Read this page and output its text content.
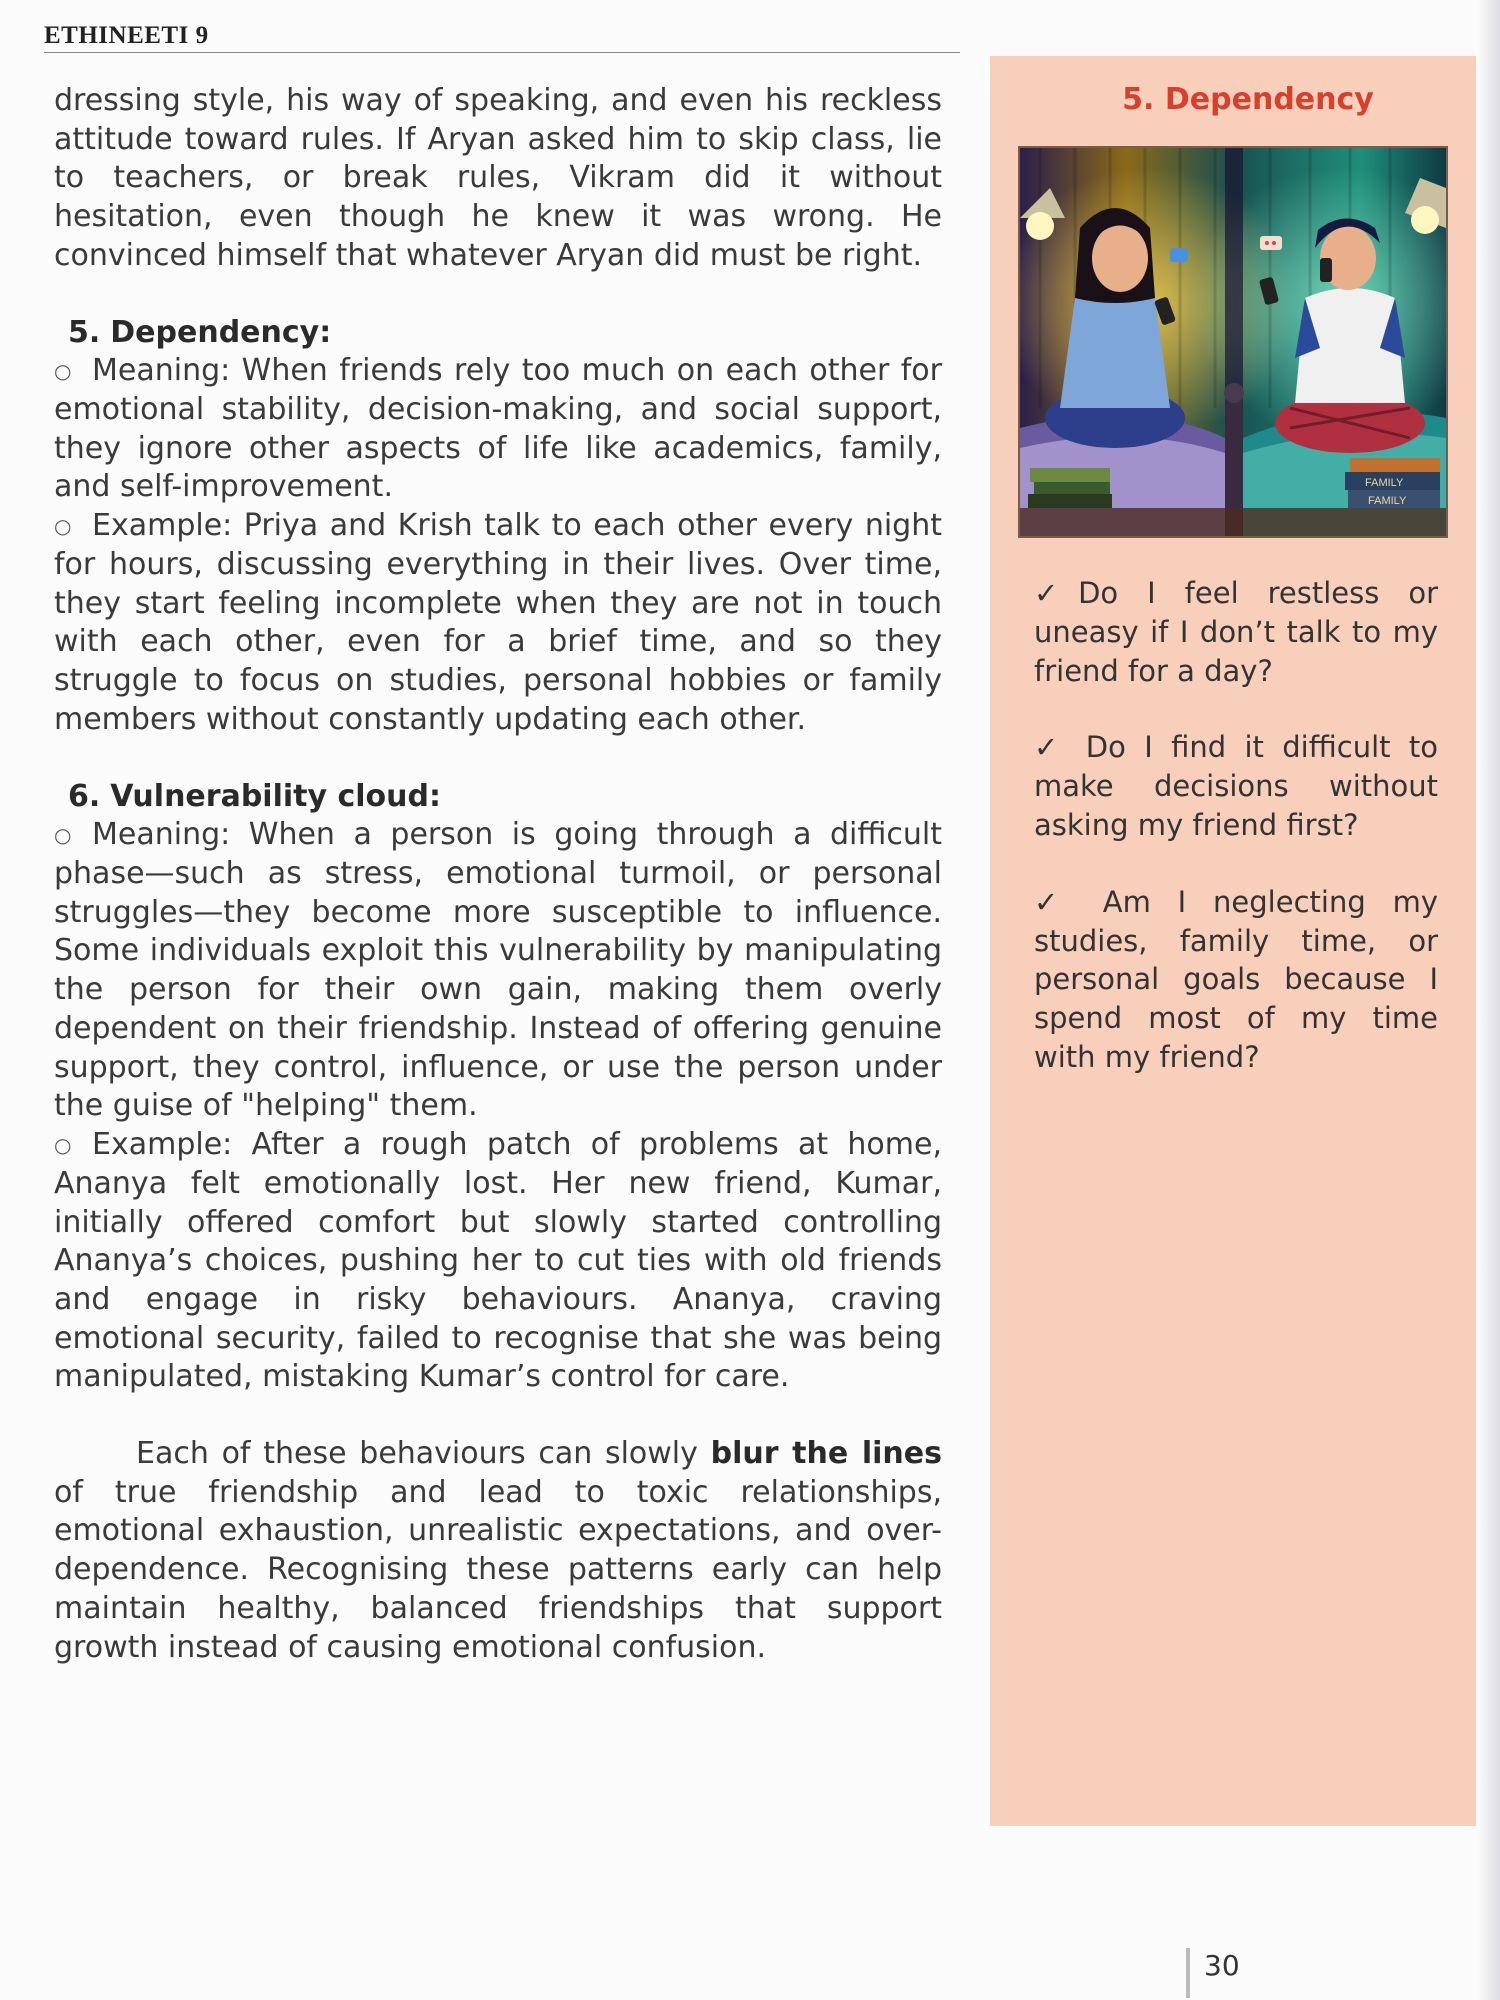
ETHINEETI 9

dressing style, his way of speaking, and even his reckless attitude toward rules. If Aryan asked him to skip class, lie to teachers, or break rules, Vikram did it without hesitation, even though he knew it was wrong. He convinced himself that whatever Aryan did must be right.

5. Dependency:

○ Meaning: When friends rely too much on each other for emotional stability, decision-making, and social support, they ignore other aspects of life like academics, family, and self-improvement.

○ Example: Priya and Krish talk to each other every night for hours, discussing everything in their lives. Over time, they start feeling incomplete when they are not in touch with each other, even for a brief time, and so they struggle to focus on studies, personal hobbies or family members without constantly updating each other.

6. Vulnerability cloud:

○ Meaning: When a person is going through a difficult phase—such as stress, emotional turmoil, or personal struggles—they become more susceptible to influence. Some individuals exploit this vulnerability by manipulating the person for their own gain, making them overly dependent on their friendship. Instead of offering genuine support, they control, influence, or use the person under the guise of "helping" them.

○ Example: After a rough patch of problems at home, Ananya felt emotionally lost. Her new friend, Kumar, initially offered comfort but slowly started controlling Ananya’s choices, pushing her to cut ties with old friends and engage in risky behaviours. Ananya, craving emotional security, failed to recognise that she was being manipulated, mistaking Kumar’s control for care.

Each of these behaviours can slowly blur the lines of true friendship and lead to toxic relationships, emotional exhaustion, unrealistic expectations, and over-dependence. Recognising these patterns early can help maintain healthy, balanced friendships that support growth instead of causing emotional confusion.

5. Dependency
FAMILY
FAMILY

✓Do I feel restless or uneasy if I don’t talk to my friend for a day?

✓ Do I find it difficult to make decisions without asking my friend first?

✓ Am I neglecting my studies, family time, or personal goals because I spend most of my time with my friend?

30
